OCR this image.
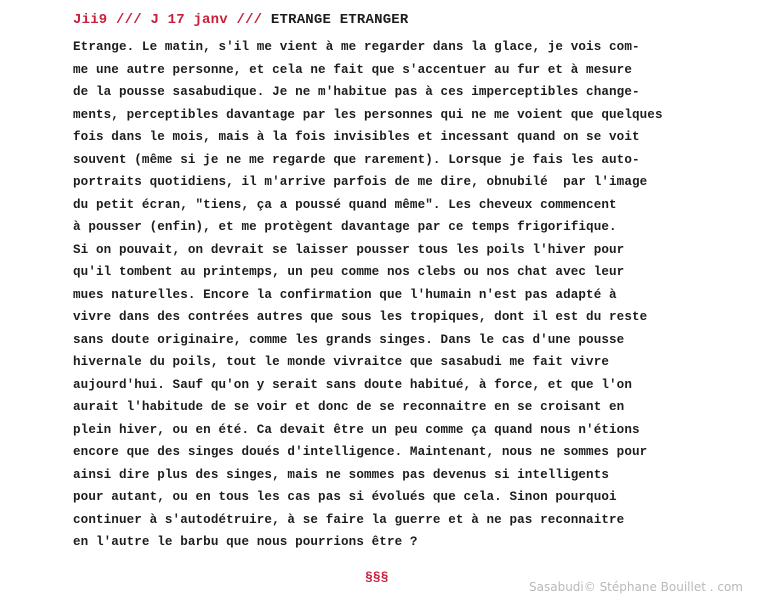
Jii9 /// J 17 janv /// ETRANGE ETRANGER
Etrange. Le matin, s'il me vient à me regarder dans la glace, je vois com-
me une autre personne, et cela ne fait que s'accentuer au fur et à mesure
de la pousse sasabudique. Je ne m'habitue pas à ces imperceptibles change-
ments, perceptibles davantage par les personnes qui ne me voient que quelques
fois dans le mois, mais à la fois invisibles et incessant quand on se voit
souvent (même si je ne me regarde que rarement). Lorsque je fais les auto-
portraits quotidiens, il m'arrive parfois de me dire, obnubilé  par l'image
du petit écran, "tiens, ça a poussé quand même". Les cheveux commencent
à pousser (enfin), et me protègent davantage par ce temps frigorifique.
Si on pouvait, on devrait se laisser pousser tous les poils l'hiver pour
qu'il tombent au printemps, un peu comme nos clebs ou nos chat avec leur
mues naturelles. Encore la confirmation que l'humain n'est pas adapté à
vivre dans des contrées autres que sous les tropiques, dont il est du reste
sans doute originaire, comme les grands singes. Dans le cas d'une pousse
hivernale du poils, tout le monde vivraitce que sasabudi me fait vivre
aujourd'hui. Sauf qu'on y serait sans doute habitué, à force, et que l'on
aurait l'habitude de se voir et donc de se reconnaitre en se croisant en
plein hiver, ou en été. Ca devait être un peu comme ça quand nous n'étions
encore que des singes doués d'intelligence. Maintenant, nous ne sommes pour
ainsi dire plus des singes, mais ne sommes pas devenus si intelligents
pour autant, ou en tous les cas pas si évolués que cela. Sinon pourquoi
continuer à s'autodétruire, à se faire la guerre et à ne pas reconnaitre
en l'autre le barbu que nous pourrions être ?
§§§
Sasabudi© Stéphane Bouillet . com
